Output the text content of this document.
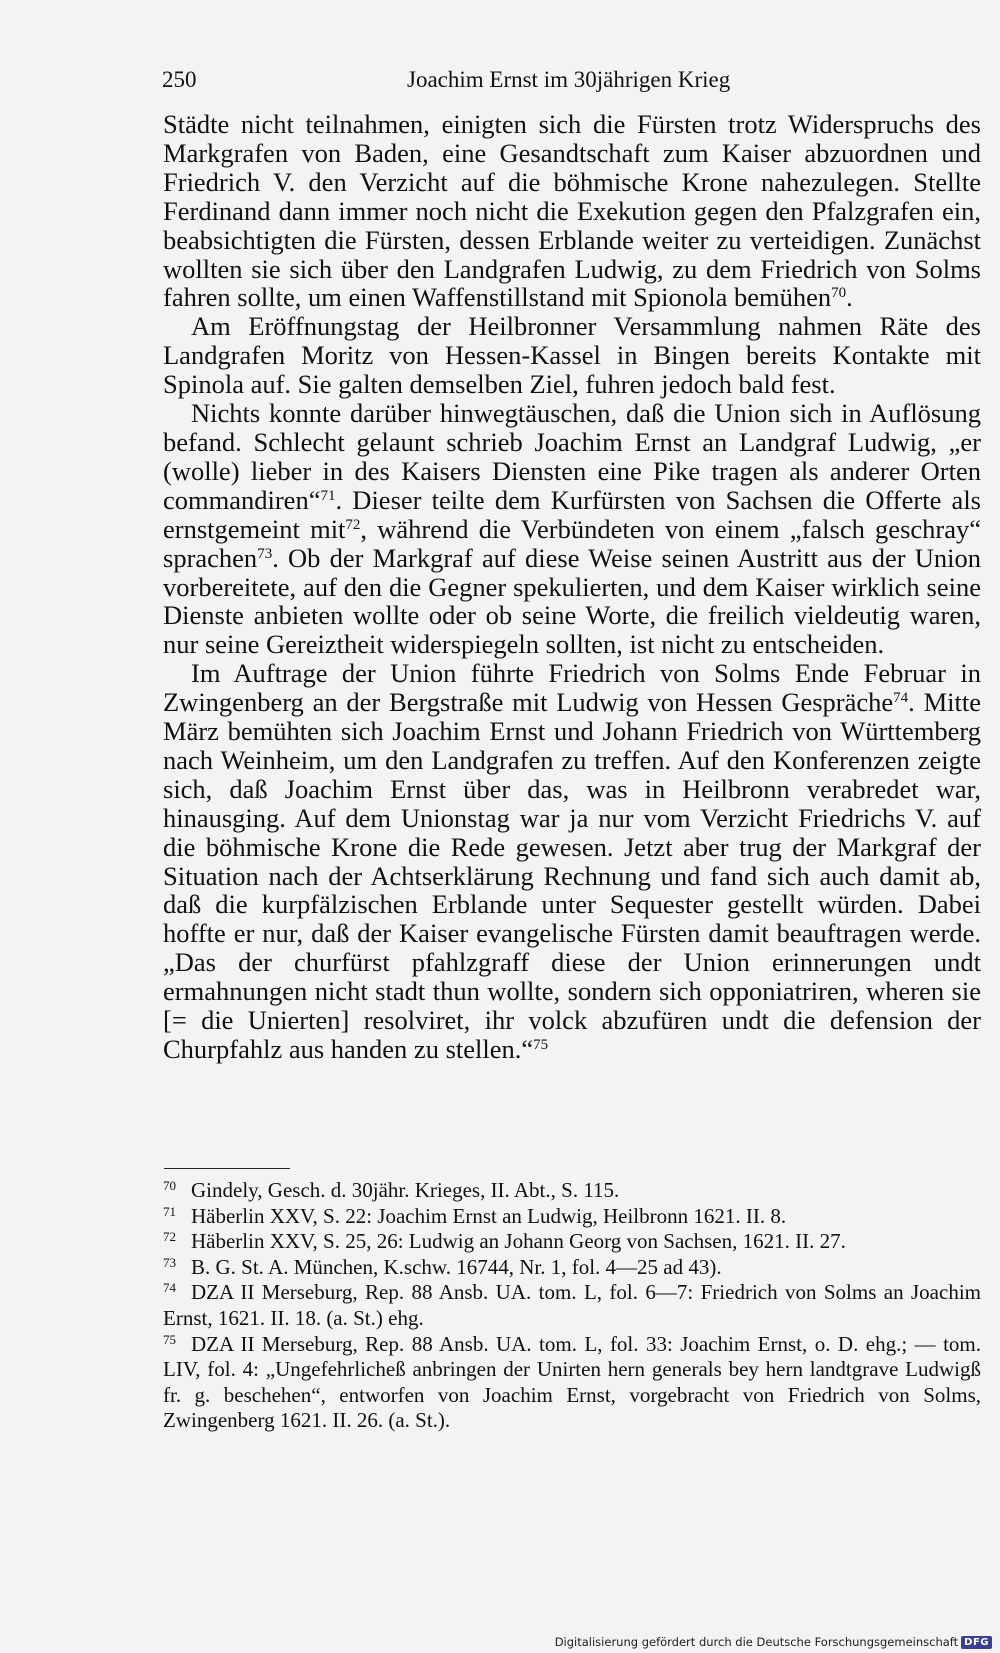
250	Joachim Ernst im 30jährigen Krieg

Städte nicht teilnahmen, einigten sich die Fürsten trotz Widerspruchs des Markgrafen von Baden, eine Gesandtschaft zum Kaiser abzuordnen und Friedrich V. den Verzicht auf die böhmische Krone nahezulegen. Stellte Ferdinand dann immer noch nicht die Exekution gegen den Pfalzgrafen ein, beabsichtigten die Fürsten, dessen Erblande weiter zu verteidigen. Zunächst wollten sie sich über den Landgrafen Ludwig, zu dem Friedrich von Solms fahren sollte, um einen Waffenstillstand mit Spionola bemühen$^{70}$.

Am Eröffnungstag der Heilbronner Versammlung nahmen Räte des Landgrafen Moritz von Hessen-Kassel in Bingen bereits Kontakte mit Spinola auf. Sie galten demselben Ziel, fuhren jedoch bald fest.

Nichts konnte darüber hinwegtäuschen, daß die Union sich in Auflösung befand. Schlecht gelaunt schrieb Joachim Ernst an Landgraf Ludwig, „er (wolle) lieber in des Kaisers Diensten eine Pike tragen als anderer Orten commandiren“$^{71}$. Dieser teilte dem Kurfürsten von Sachsen die Offerte als ernstgemeint mit$^{72}$, während die Verbündeten von einem „falsch geschray“ sprachen$^{73}$. Ob der Markgraf auf diese Weise seinen Austritt aus der Union vorbereitete, auf den die Gegner spekulierten, und dem Kaiser wirklich seine Dienste anbieten wollte oder ob seine Worte, die freilich vieldeutig waren, nur seine Gereiztheit widerspiegeln sollten, ist nicht zu entscheiden.

Im Auftrage der Union führte Friedrich von Solms Ende Februar in Zwingenberg an der Bergstraße mit Ludwig von Hessen Gespräche$^{74}$. Mitte März bemühten sich Joachim Ernst und Johann Friedrich von Württemberg nach Weinheim, um den Landgrafen zu treffen. Auf den Konferenzen zeigte sich, daß Joachim Ernst über das, was in Heilbronn verabredet war, hinausging. Auf dem Unionstag war ja nur vom Verzicht Friedrichs V. auf die böhmische Krone die Rede gewesen. Jetzt aber trug der Markgraf der Situation nach der Achtserklärung Rechnung und fand sich auch damit ab, daß die kurpfälzischen Erblande unter Sequester gestellt würden. Dabei hoffte er nur, daß der Kaiser evangelische Fürsten damit beauftragen werde. „Das der churfürst pfahlzgraff diese der Union erinnerungen undt ermahnungen nicht stadt thun wollte, sondern sich opponiatriren, wheren sie [= die Unierten] resolviret, ihr volck abzufüren undt die defension der Churpfahlz aus handen zu stellen.“$^{75}$

$^{70}$ Gindely, Gesch. d. 30jähr. Krieges, II. Abt., S. 115.

$^{71}$ Häberlin XXV, S. 22: Joachim Ernst an Ludwig, Heilbronn 1621. II. 8.

$^{72}$ Häberlin XXV, S. 25, 26: Ludwig an Johann Georg von Sachsen, 1621. II. 27.

$^{73}$ B. G. St. A. München, K.schw. 16744, Nr. 1, fol. 4—25 ad 43).

$^{74}$ DZA II Merseburg, Rep. 88 Ansb. UA. tom. L, fol. 6—7: Friedrich von Solms an Joachim Ernst, 1621. II. 18. (a. St.) ehg.

$^{75}$ DZA II Merseburg, Rep. 88 Ansb. UA. tom. L, fol. 33: Joachim Ernst, o. D. ehg.; — tom. LIV, fol. 4: „Ungefehrlicheß anbringen der Unirten hern generals bey hern landtgrave Ludwigß fr. g. beschehen“, entworfen von Joachim Ernst, vorgebracht von Friedrich von Solms, Zwingenberg 1621. II. 26. (a. St.).

Digitalisierung gefördert durch die Deutsche Forschungsgemeinschaft DFG
